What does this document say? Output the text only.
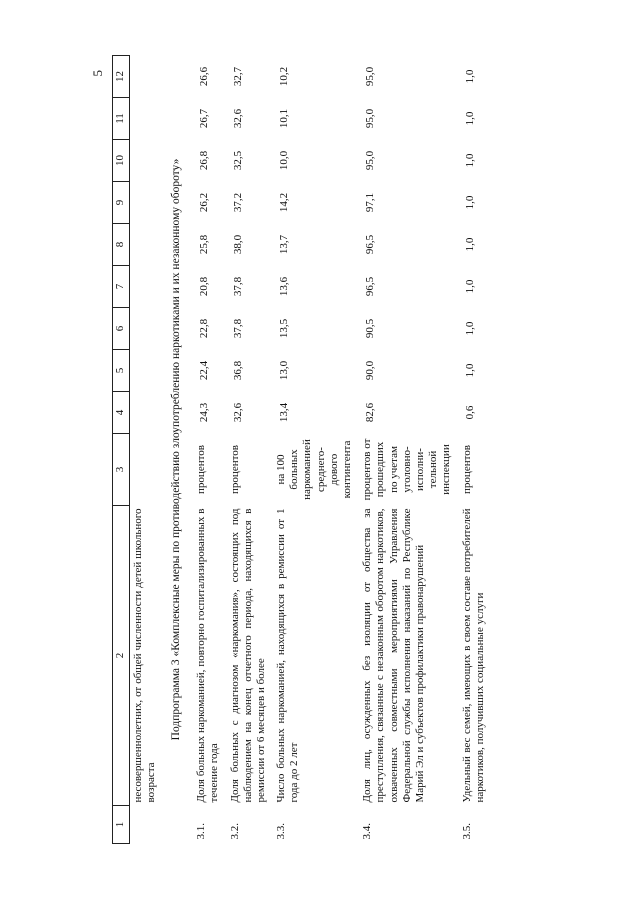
5
1	2	3	4	5	6	7	8	9	10	11	12
	несовершеннолетних, от общей численности детей школьного возраста										
Подпрограмма 3 «Комплексные меры по противодействию злоупотреблению наркотиками и их незаконному обороту»											
3.1.	Доля больных наркоманией, повторно госпитализированных в течение года	процентов	24,3	22,4	22,8	20,8	25,8	26,2	26,8	26,7	26,6
3.2.	Доля больных с диагнозом «наркомания», состоящих под наблюдением на конец отчетного периода, находящихся в ремиссии от 6 месяцев и более	процентов	32,6	36,8	37,8	37,8	38,0	37,2	32,5	32,6	32,7
3.3.	Число больных наркоманией, находящихся в ремиссии от 1 года до 2 лет	на 100 больных наркоманией среднегодового контингента	13,4	13,0	13,5	13,6	13,7	14,2	10,0	10,1	10,2
3.4.	Доля лиц, осужденных без изоляции от общества за преступления, связанные с незаконным оборотом наркотиков, охваченных совместными мероприятиями Управления Федеральной службы исполнения наказаний по Республике Марий Эл и субъектов профилактики правонарушений	процентов от прошедших по учетам уголовно-исполнительной инспекции	82,6	90,0	90,5	96,5	96,5	97,1	95,0	95,0	95,0
3.5.	Удельный вес семей, имеющих в своем составе потребителей наркотиков, получивших социальные услуги	процентов	0,6	1,0	1,0	1,0	1,0	1,0	1,0	1,0	1,0
